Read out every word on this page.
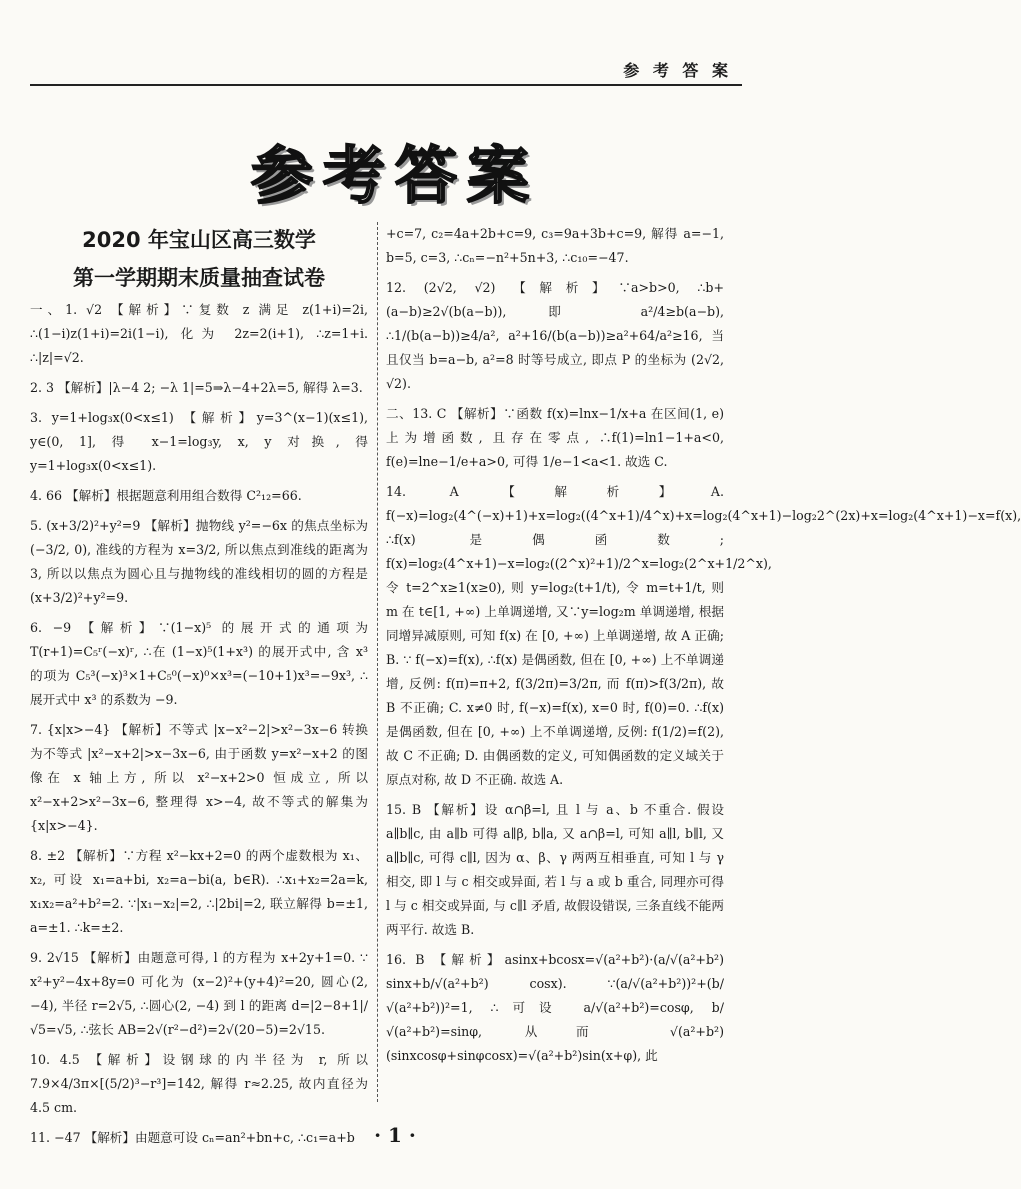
参 考 答 案
参考答案
2020 年宝山区高三数学
第一学期期末质量抽查试卷

一、1. √2 【解析】∵复数 z 满足 z(1+i)=2i, ∴(1−i)z(1+i)=2i(1−i), 化为 2z=2(i+1), ∴z=1+i. ∴|z|=√2.

2. 3 【解析】|λ−4 2; −λ 1|=5⇒λ−4+2λ=5, 解得 λ=3.

3. y=1+log₃x(0<x≤1) 【解析】y=3^(x−1)(x≤1), y∈(0, 1], 得 x−1=log₃y, x, y 对换, 得 y=1+log₃x(0<x≤1).

4. 66 【解析】根据题意利用组合数得 C²₁₂=66.

5. (x+3/2)²+y²=9 【解析】抛物线 y²=−6x 的焦点坐标为 (−3/2, 0), 准线的方程为 x=3/2, 所以焦点到准线的距离为 3, 所以以焦点为圆心且与抛物线的准线相切的圆的方程是 (x+3/2)²+y²=9.

6. −9 【解析】∵(1−x)⁵ 的展开式的通项为 T(r+1)=C₅ʳ(−x)ʳ, ∴在 (1−x)⁵(1+x³) 的展开式中, 含 x³ 的项为 C₅³(−x)³×1+C₅⁰(−x)⁰×x³=(−10+1)x³=−9x³, ∴展开式中 x³ 的系数为 −9.

7. {x|x>−4} 【解析】不等式 |x−x²−2|>x²−3x−6 转换为不等式 |x²−x+2|>x−3x−6, 由于函数 y=x²−x+2 的图像在 x 轴上方, 所以 x²−x+2>0 恒成立, 所以 x²−x+2>x²−3x−6, 整理得 x>−4, 故不等式的解集为 {x|x>−4}.

8. ±2 【解析】∵方程 x²−kx+2=0 的两个虚数根为 x₁、x₂, 可设 x₁=a+bi, x₂=a−bi(a, b∈R). ∴x₁+x₂=2a=k, x₁x₂=a²+b²=2. ∵|x₁−x₂|=2, ∴|2bi|=2, 联立解得 b=±1, a=±1. ∴k=±2.

9. 2√15 【解析】由题意可得, l 的方程为 x+2y+1=0. ∵ x²+y²−4x+8y=0 可化为 (x−2)²+(y+4)²=20, 圆心(2, −4), 半径 r=2√5, ∴圆心(2, −4) 到 l 的距离 d=|2−8+1|/√5=√5, ∴弦长 AB=2√(r²−d²)=2√(20−5)=2√15.

10. 4.5 【解析】设钢球的内半径为 r, 所以 7.9×4/3π×[(5/2)³−r³]=142, 解得 r≈2.25, 故内直径为 4.5 cm.

11. −47 【解析】由题意可设 cₙ=an²+bn+c, ∴c₁=a+b

+c=7, c₂=4a+2b+c=9, c₃=9a+3b+c=9, 解得 a=−1, b=5, c=3, ∴cₙ=−n²+5n+3, ∴c₁₀=−47.

12. (2√2, √2) 【解析】∵a>b>0, ∴b+(a−b)≥2√(b(a−b)), 即 a²/4≥b(a−b), ∴1/(b(a−b))≥4/a², a²+16/(b(a−b))≥a²+64/a²≥16, 当且仅当 b=a−b, a²=8 时等号成立, 即点 P 的坐标为 (2√2, √2).

二、13. C 【解析】∵函数 f(x)=lnx−1/x+a 在区间(1, e)上为增函数, 且存在零点, ∴f(1)=ln1−1+a<0, f(e)=lne−1/e+a>0, 可得 1/e−1<a<1. 故选 C.

14. A 【解析】A. f(−x)=log₂(4^(−x)+1)+x=log₂((4^x+1)/4^x)+x=log₂(4^x+1)−log₂2^(2x)+x=log₂(4^x+1)−x=f(x), ∴f(x) 是偶函数; f(x)=log₂(4^x+1)−x=log₂((2^x)²+1)/2^x=log₂(2^x+1/2^x), 令 t=2^x≥1(x≥0), 则 y=log₂(t+1/t), 令 m=t+1/t, 则 m 在 t∈[1, +∞) 上单调递增, 又∵y=log₂m 单调递增, 根据同增异减原则, 可知 f(x) 在 [0, +∞) 上单调递增, 故 A 正确; B. ∵ f(−x)=f(x), ∴f(x) 是偶函数, 但在 [0, +∞) 上不单调递增, 反例: f(π)=π+2, f(3/2π)=3/2π, 而 f(π)>f(3/2π), 故 B 不正确; C. x≠0 时, f(−x)=f(x), x=0 时, f(0)=0. ∴f(x) 是偶函数, 但在 [0, +∞) 上不单调递增, 反例: f(1/2)=f(2), 故 C 不正确; D. 由偶函数的定义, 可知偶函数的定义域关于原点对称, 故 D 不正确. 故选 A.

15. B 【解析】设 α∩β=l, 且 l 与 a、b 不重合. 假设 a∥b∥c, 由 a∥b 可得 a∥β, b∥a, 又 a∩β=l, 可知 a∥l, b∥l, 又 a∥b∥c, 可得 c∥l, 因为 α、β、γ 两两互相垂直, 可知 l 与 γ 相交, 即 l 与 c 相交或异面, 若 l 与 a 或 b 重合, 同理亦可得 l 与 c 相交或异面, 与 c∥l 矛盾, 故假设错误, 三条直线不能两两平行. 故选 B.

16. B 【解析】asinx+bcosx=√(a²+b²)·(a/√(a²+b²) sinx+b/√(a²+b²) cosx). ∵(a/√(a²+b²))²+(b/√(a²+b²))²=1, ∴可设 a/√(a²+b²)=cosφ, b/√(a²+b²)=sinφ, 从而 √(a²+b²)(sinxcosφ+sinφcosx)=√(a²+b²)sin(x+φ), 此

· 1 ·
